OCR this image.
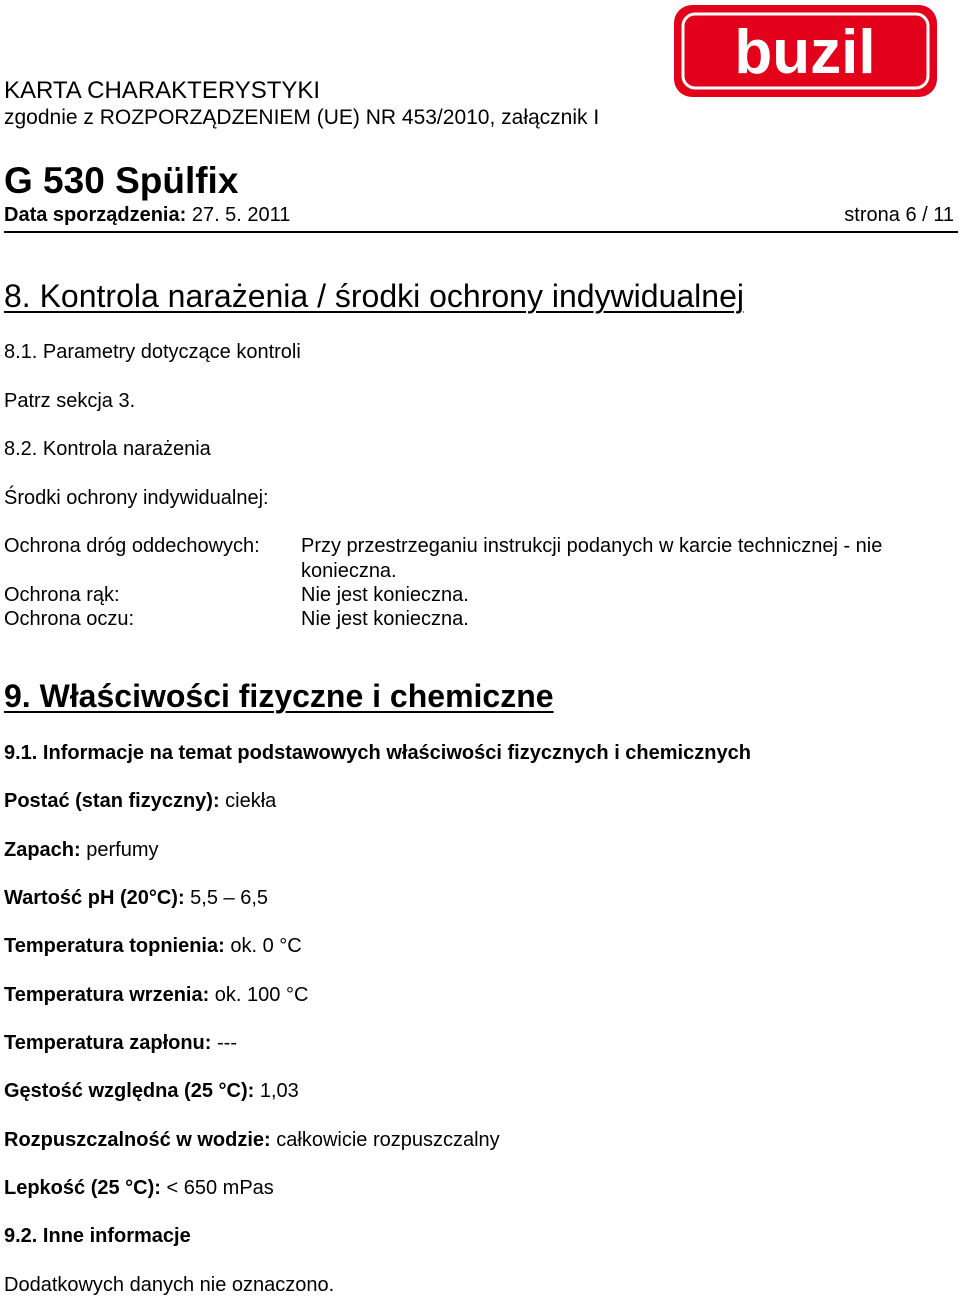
KARTA CHARAKTERYSTYKI
zgodnie z ROZPORZĄDZENIEM (UE) NR 453/2010, załącznik I
buzil
G 530 Spülfix
Data sporządzenia: 27. 5. 2011	strona 6 / 11
8. Kontrola narażenia / środki ochrony indywidualnej
8.1. Parametry dotyczące kontroli
Patrz sekcja 3.
8.2. Kontrola narażenia
Środki ochrony indywidualnej:
Ochrona dróg oddechowych: Przy przestrzeganiu instrukcji podanych w karcie technicznej - nie
konieczna.
Ochrona rąk:	Nie jest konieczna.
Ochrona oczu:	Nie jest konieczna.
9. Właściwości fizyczne i chemiczne
9.1. Informacje na temat podstawowych właściwości fizycznych i chemicznych
Postać (stan fizyczny): ciekła
Zapach: perfumy
Wartość pH (20°C): 5,5 – 6,5
Temperatura topnienia: ok. 0 °C
Temperatura wrzenia: ok. 100 °C
Temperatura zapłonu: ---
Gęstość względna (25 °C): 1,03
Rozpuszczalność w wodzie: całkowicie rozpuszczalny
Lepkość (25 °C): < 650 mPas
9.2. Inne informacje
Dodatkowych danych nie oznaczono.
